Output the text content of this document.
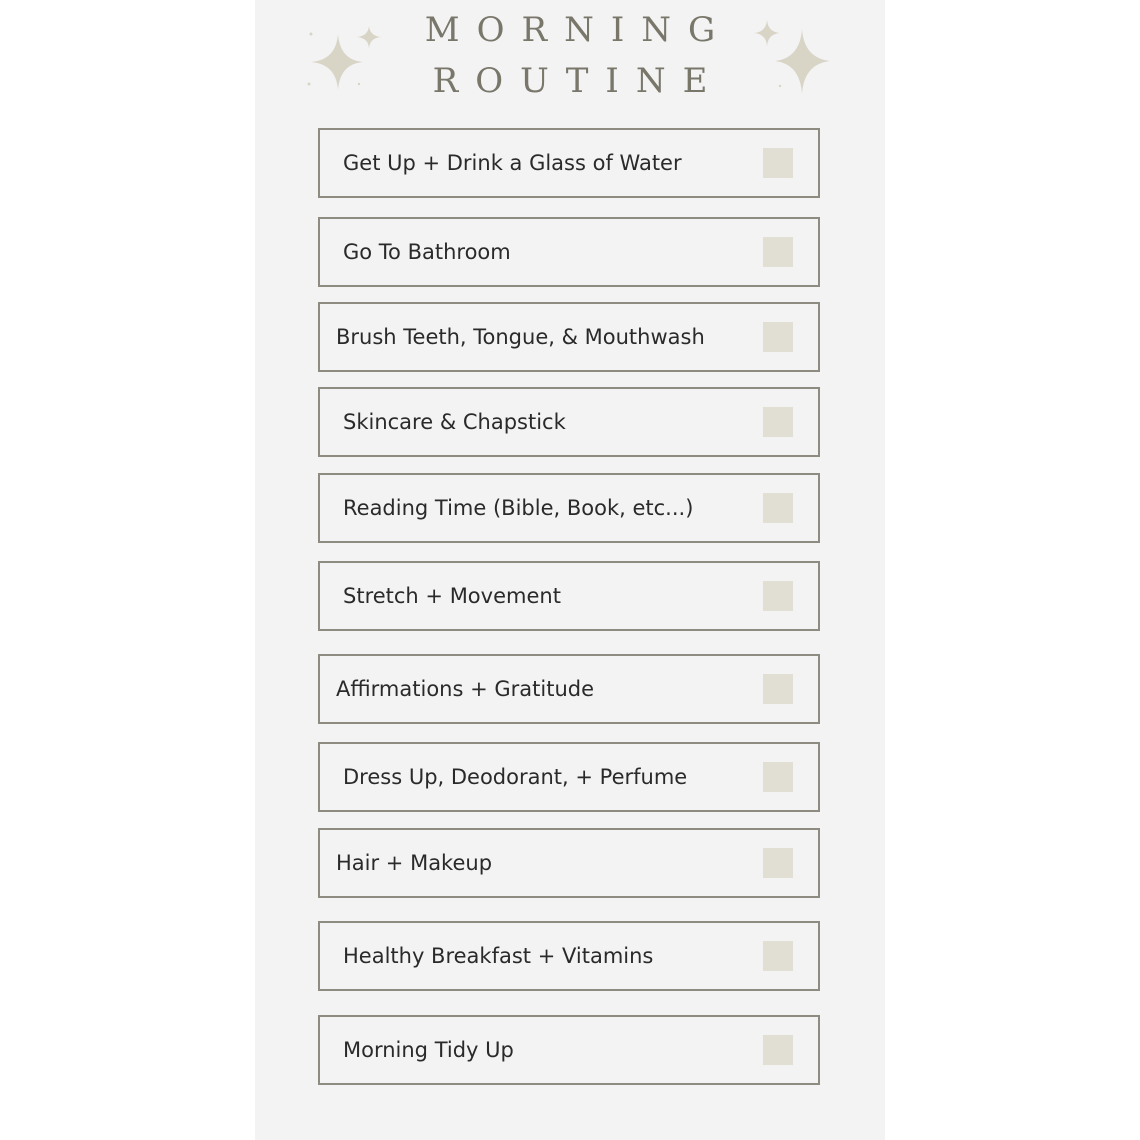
MORNING
ROUTINE
Get Up + Drink a Glass of Water
Go To Bathroom
Brush Teeth, Tongue, & Mouthwash
Skincare & Chapstick
Reading Time (Bible, Book, etc...)
Stretch + Movement
Affirmations + Gratitude
Dress Up, Deodorant, + Perfume
Hair + Makeup
Healthy Breakfast + Vitamins
Morning Tidy Up
